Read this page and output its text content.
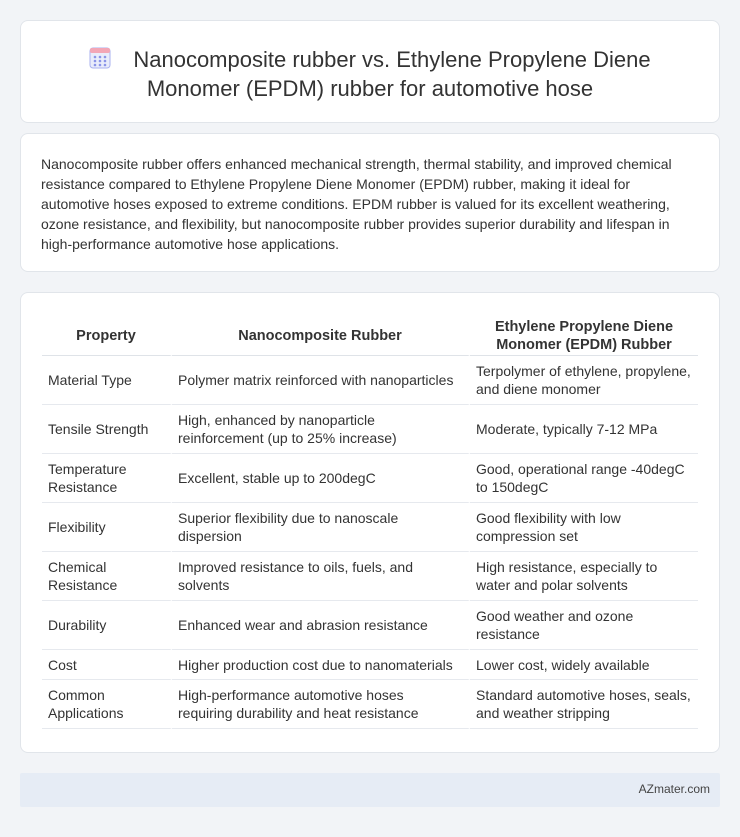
Nanocomposite rubber vs. Ethylene Propylene Diene Monomer (EPDM) rubber for automotive hose

Nanocomposite rubber offers enhanced mechanical strength, thermal stability, and improved chemical resistance compared to Ethylene Propylene Diene Monomer (EPDM) rubber, making it ideal for automotive hoses exposed to extreme conditions. EPDM rubber is valued for its excellent weathering, ozone resistance, and flexibility, but nanocomposite rubber provides superior durability and lifespan in high-performance automotive hose applications.

Property	Nanocomposite Rubber	Ethylene Propylene Diene Monomer (EPDM) Rubber
Material Type	Polymer matrix reinforced with nanoparticles	Terpolymer of ethylene, propylene, and diene monomer
Tensile Strength	High, enhanced by nanoparticle reinforcement (up to 25% increase)	Moderate, typically 7-12 MPa
Temperature Resistance	Excellent, stable up to 200degC	Good, operational range -40degC to 150degC
Flexibility	Superior flexibility due to nanoscale dispersion	Good flexibility with low compression set
Chemical Resistance	Improved resistance to oils, fuels, and solvents	High resistance, especially to water and polar solvents
Durability	Enhanced wear and abrasion resistance	Good weather and ozone resistance
Cost	Higher production cost due to nanomaterials	Lower cost, widely available
Common Applications	High-performance automotive hoses requiring durability and heat resistance	Standard automotive hoses, seals, and weather stripping
AZmater.com
